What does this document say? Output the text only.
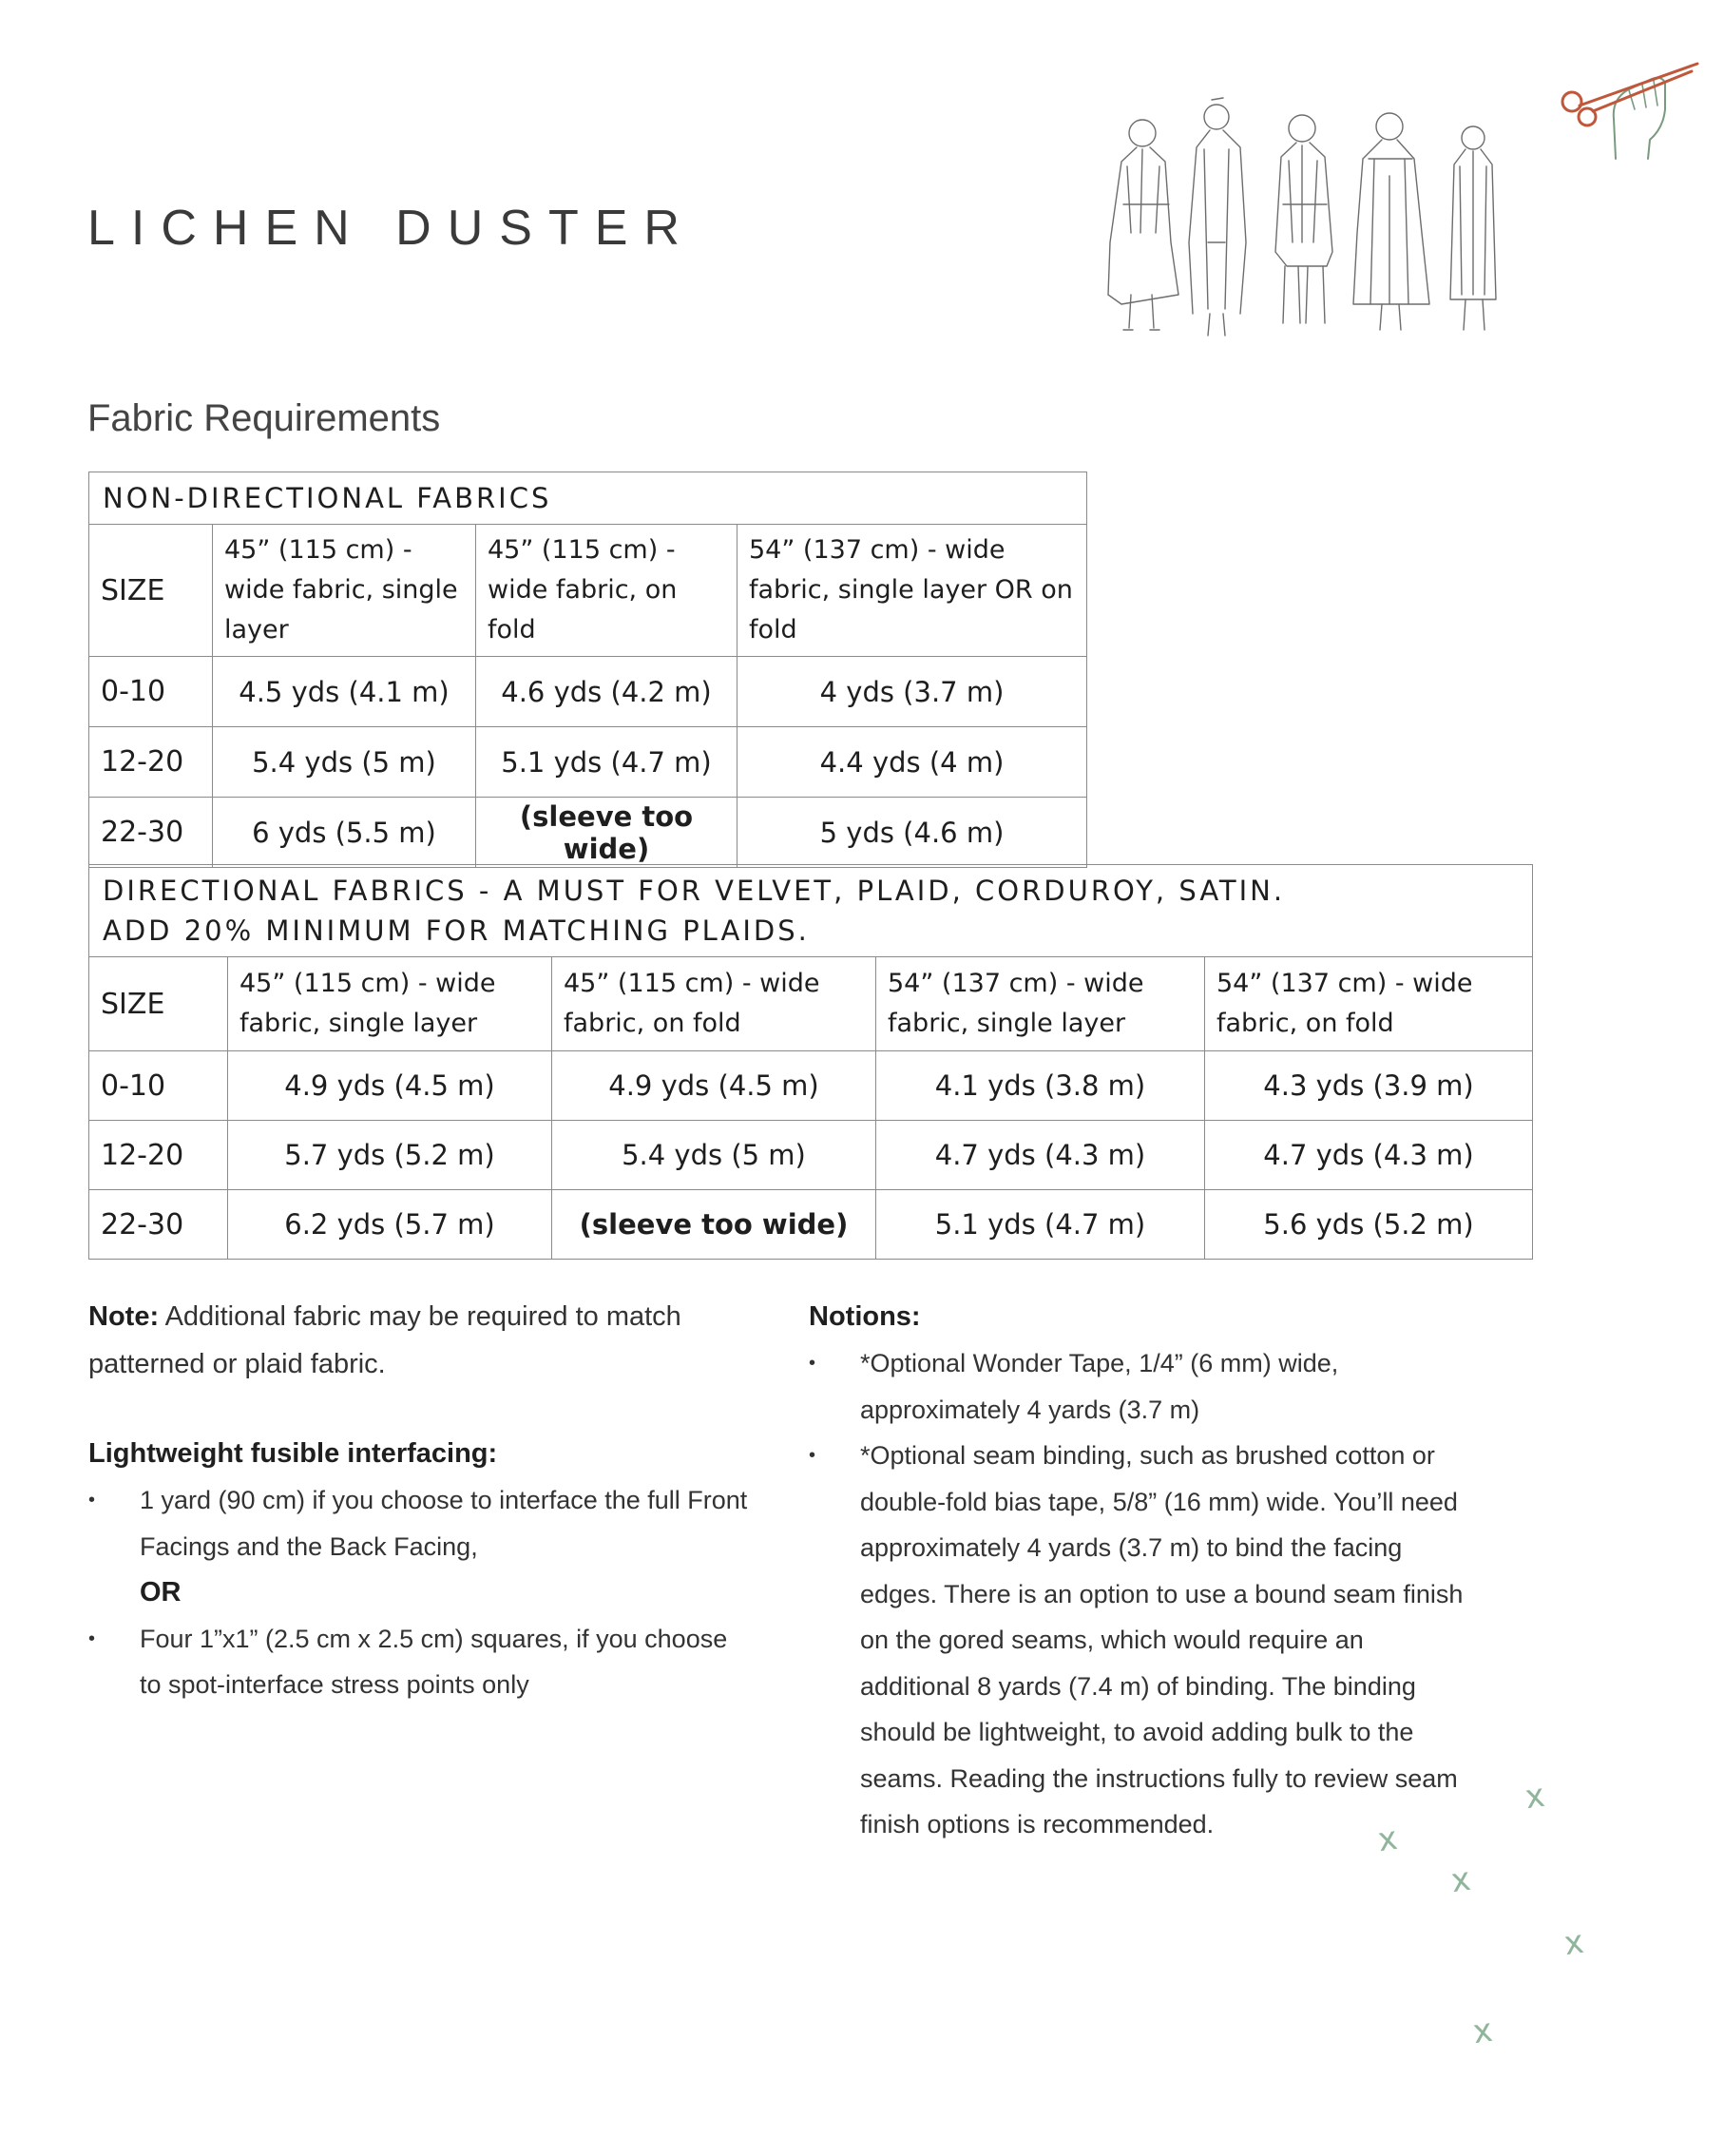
LICHEN DUSTER
Fabric Requirements
NON-DIRECTIONAL FABRICS			
SIZE	45” (115 cm) - wide fabric, single layer	45” (115 cm) - wide fabric, on fold	54” (137 cm) - wide fabric, single layer OR on fold
0-10	4.5 yds (4.1 m)	4.6 yds (4.2 m)	4 yds (3.7 m)
12-20	5.4 yds (5 m)	5.1 yds (4.7 m)	4.4 yds (4 m)
22-30	6 yds (5.5 m)	(sleeve too wide)	5 yds (4.6 m)
DIRECTIONAL FABRICS - A MUST FOR VELVET, PLAID, CORDUROY, SATIN.
ADD 20% MINIMUM FOR MATCHING PLAIDS.				
SIZE	45” (115 cm) - wide fabric, single layer	45” (115 cm) - wide fabric, on fold	54” (137 cm) - wide fabric, single layer	54” (137 cm) - wide fabric, on fold
0-10	4.9 yds (4.5 m)	4.9 yds (4.5 m)	4.1 yds (3.8 m)	4.3 yds (3.9 m)
12-20	5.7 yds (5.2 m)	5.4 yds (5 m)	4.7 yds (4.3 m)	4.7 yds (4.3 m)
22-30	6.2 yds (5.7 m)	(sleeve too wide)	5.1 yds (4.7 m)	5.6 yds (5.2 m)

Note: Additional fabric may be required to match patterned or plaid fabric.

Lightweight fusible interfacing:

• 1 yard (90 cm) if you choose to interface the full Front Facings and the Back Facing,
OR
• Four 1”x1” (2.5 cm x 2.5 cm) squares, if you choose to spot-interface stress points only

Notions:

• *Optional Wonder Tape, 1/4” (6 mm) wide, approximately 4 yards (3.7 m)
• *Optional seam binding, such as brushed cotton or double-fold bias tape, 5/8” (16 mm) wide. You’ll need approximately 4 yards (3.7 m) to bind the facing edges. There is an option to use a bound seam finish on the gored seams, which would require an additional 8 yards (7.4 m) of binding. The binding should be lightweight, to avoid adding bulk to the seams. Reading the instructions fully to review seam finish options is recommended.
x
x
x
x
x
